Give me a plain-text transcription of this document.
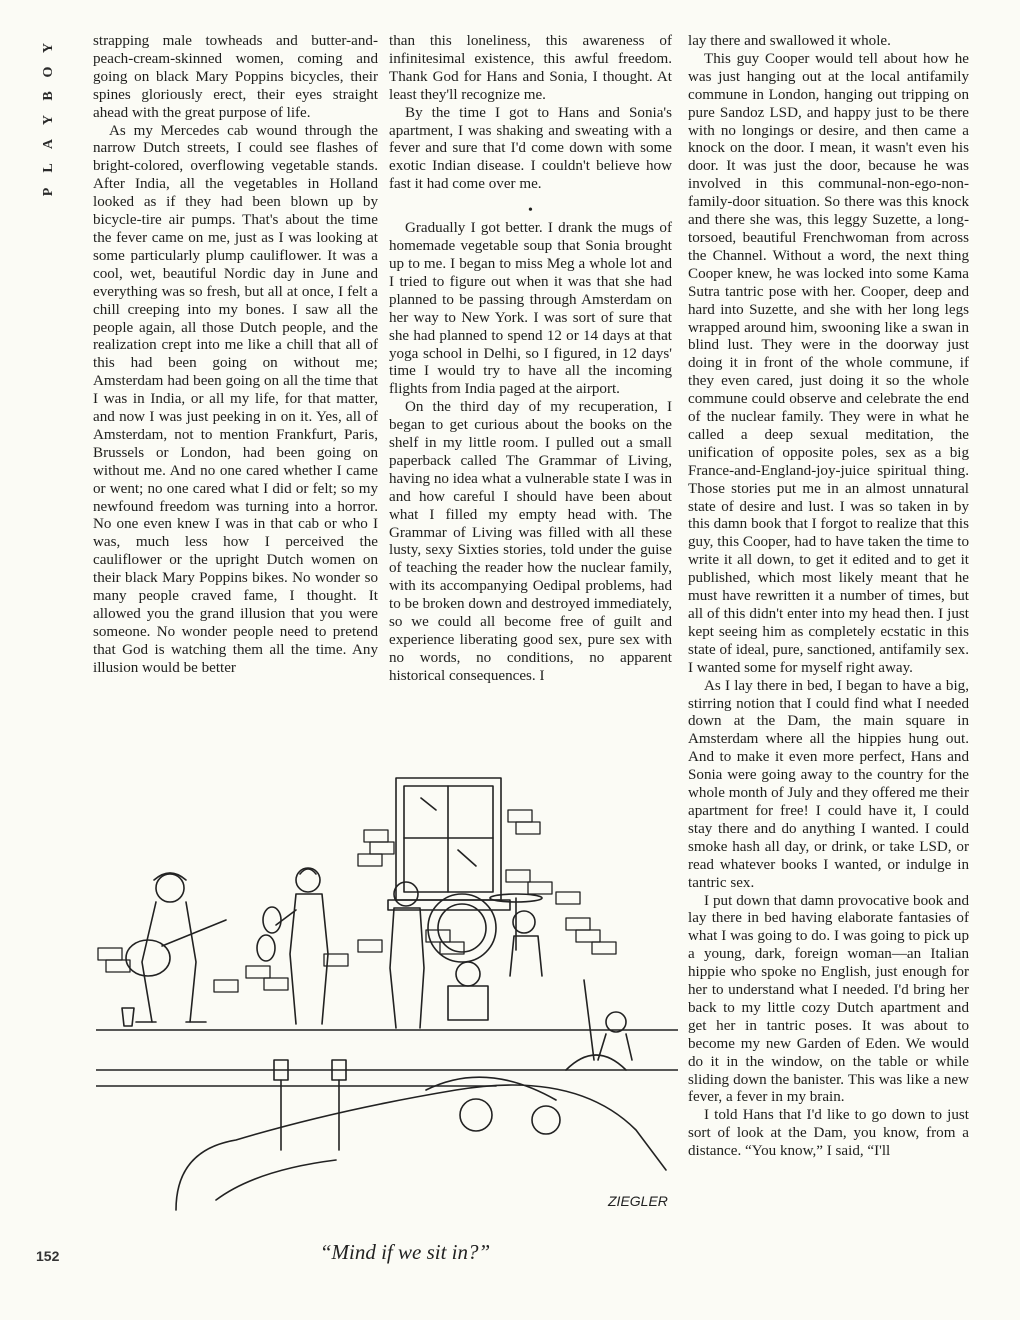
Y
O
B
Y
A
L
P

strapping male towheads and butter-and-peach-cream-skinned women, coming and going on black Mary Poppins bicycles, their spines gloriously erect, their eyes straight ahead with the great purpose of life.

As my Mercedes cab wound through the narrow Dutch streets, I could see flashes of bright-colored, overflowing vegetable stands. After India, all the vegetables in Holland looked as if they had been blown up by bicycle-tire air pumps. That's about the time the fever came on me, just as I was looking at some particularly plump cauliflower. It was a cool, wet, beautiful Nordic day in June and everything was so fresh, but all at once, I felt a chill creeping into my bones. I saw all the people again, all those Dutch people, and the realization crept into me like a chill that all of this had been going on without me; Amsterdam had been going on all the time that I was in India, or all my life, for that matter, and now I was just peeking in on it. Yes, all of Amsterdam, not to mention Frankfurt, Paris, Brussels or London, had been going on without me. And no one cared whether I came or went; no one cared what I did or felt; so my newfound freedom was turning into a horror. No one even knew I was in that cab or who I was, much less how I perceived the cauliflower or the upright Dutch women on their black Mary Poppins bikes. No wonder so many people craved fame, I thought. It allowed you the grand illusion that you were someone. No wonder people need to pretend that God is watching them all the time. Any illusion would be better

than this loneliness, this awareness of infinitesimal existence, this awful freedom. Thank God for Hans and Sonia, I thought. At least they'll recognize me.

By the time I got to Hans and Sonia's apartment, I was shaking and sweating with a fever and sure that I'd come down with some exotic Indian disease. I couldn't believe how fast it had come over me.

•

Gradually I got better. I drank the mugs of homemade vegetable soup that Sonia brought up to me. I began to miss Meg a whole lot and I tried to figure out when it was that she had planned to be passing through Amsterdam on her way to New York. I was sort of sure that she had planned to spend 12 or 14 days at that yoga school in Delhi, so I figured, in 12 days' time I would try to have all the incoming flights from India paged at the airport.

On the third day of my recuperation, I began to get curious about the books on the shelf in my little room. I pulled out a small paperback called The Grammar of Living, having no idea what a vulnerable state I was in and how careful I should have been about what I filled my empty head with. The Grammar of Living was filled with all these lusty, sexy Sixties stories, told under the guise of teaching the reader how the nuclear family, with its accompanying Oedipal problems, had to be broken down and destroyed immediately, so we could all become free of guilt and experience liberating good sex, pure sex with no words, no conditions, no apparent historical consequences. I

lay there and swallowed it whole.

This guy Cooper would tell about how he was just hanging out at the local antifamily commune in London, hanging out tripping on pure Sandoz LSD, and happy just to be there with no longings or desire, and then came a knock on the door. I mean, it wasn't even his door. It was just the door, because he was involved in this communal-non-ego-non-family-door situation. So there was this knock and there she was, this leggy Suzette, a long-torsoed, beautiful Frenchwoman from across the Channel. Without a word, the next thing Cooper knew, he was locked into some Kama Sutra tantric pose with her. Cooper, deep and hard into Suzette, and she with her long legs wrapped around him, swooning like a swan in blind lust. They were in the doorway just doing it in front of the whole commune, if they even cared, just doing it so the whole commune could observe and celebrate the end of the nuclear family. They were in what he called a deep sexual meditation, the unification of opposite poles, sex as a big France-and-England-joy-juice spiritual thing. Those stories put me in an almost unnatural state of desire and lust. I was so taken in by this damn book that I forgot to realize that this guy, this Cooper, had to have taken the time to write it all down, to get it edited and to get it published, which most likely meant that he must have rewritten it a number of times, but all of this didn't enter into my head then. I just kept seeing him as completely ecstatic in this state of ideal, pure, sanctioned, antifamily sex. I wanted some for myself right away.

As I lay there in bed, I began to have a big, stirring notion that I could find what I needed down at the Dam, the main square in Amsterdam where all the hippies hung out. And to make it even more perfect, Hans and Sonia were going away to the country for the whole month of July and they offered me their apartment for free! I could have it, I could stay there and do anything I wanted. I could smoke hash all day, or drink, or take LSD, or read whatever books I wanted, or indulge in tantric sex.

I put down that damn provocative book and lay there in bed having elaborate fantasies of what I was going to do. I was going to pick up a young, dark, foreign woman—an Italian hippie who spoke no English, just enough for her to understand what I needed. I'd bring her back to my little cozy Dutch apartment and get her in tantric poses. It was about to become my new Garden of Eden. We would do it in the window, on the table or while sliding down the banister. This was like a new fever, a fever in my brain.

I told Hans that I'd like to go down to just sort of look at the Dam, you know, from a distance. “You know,” I said, “I'll

ZIEGLER
“Mind if we sit in?”
152
